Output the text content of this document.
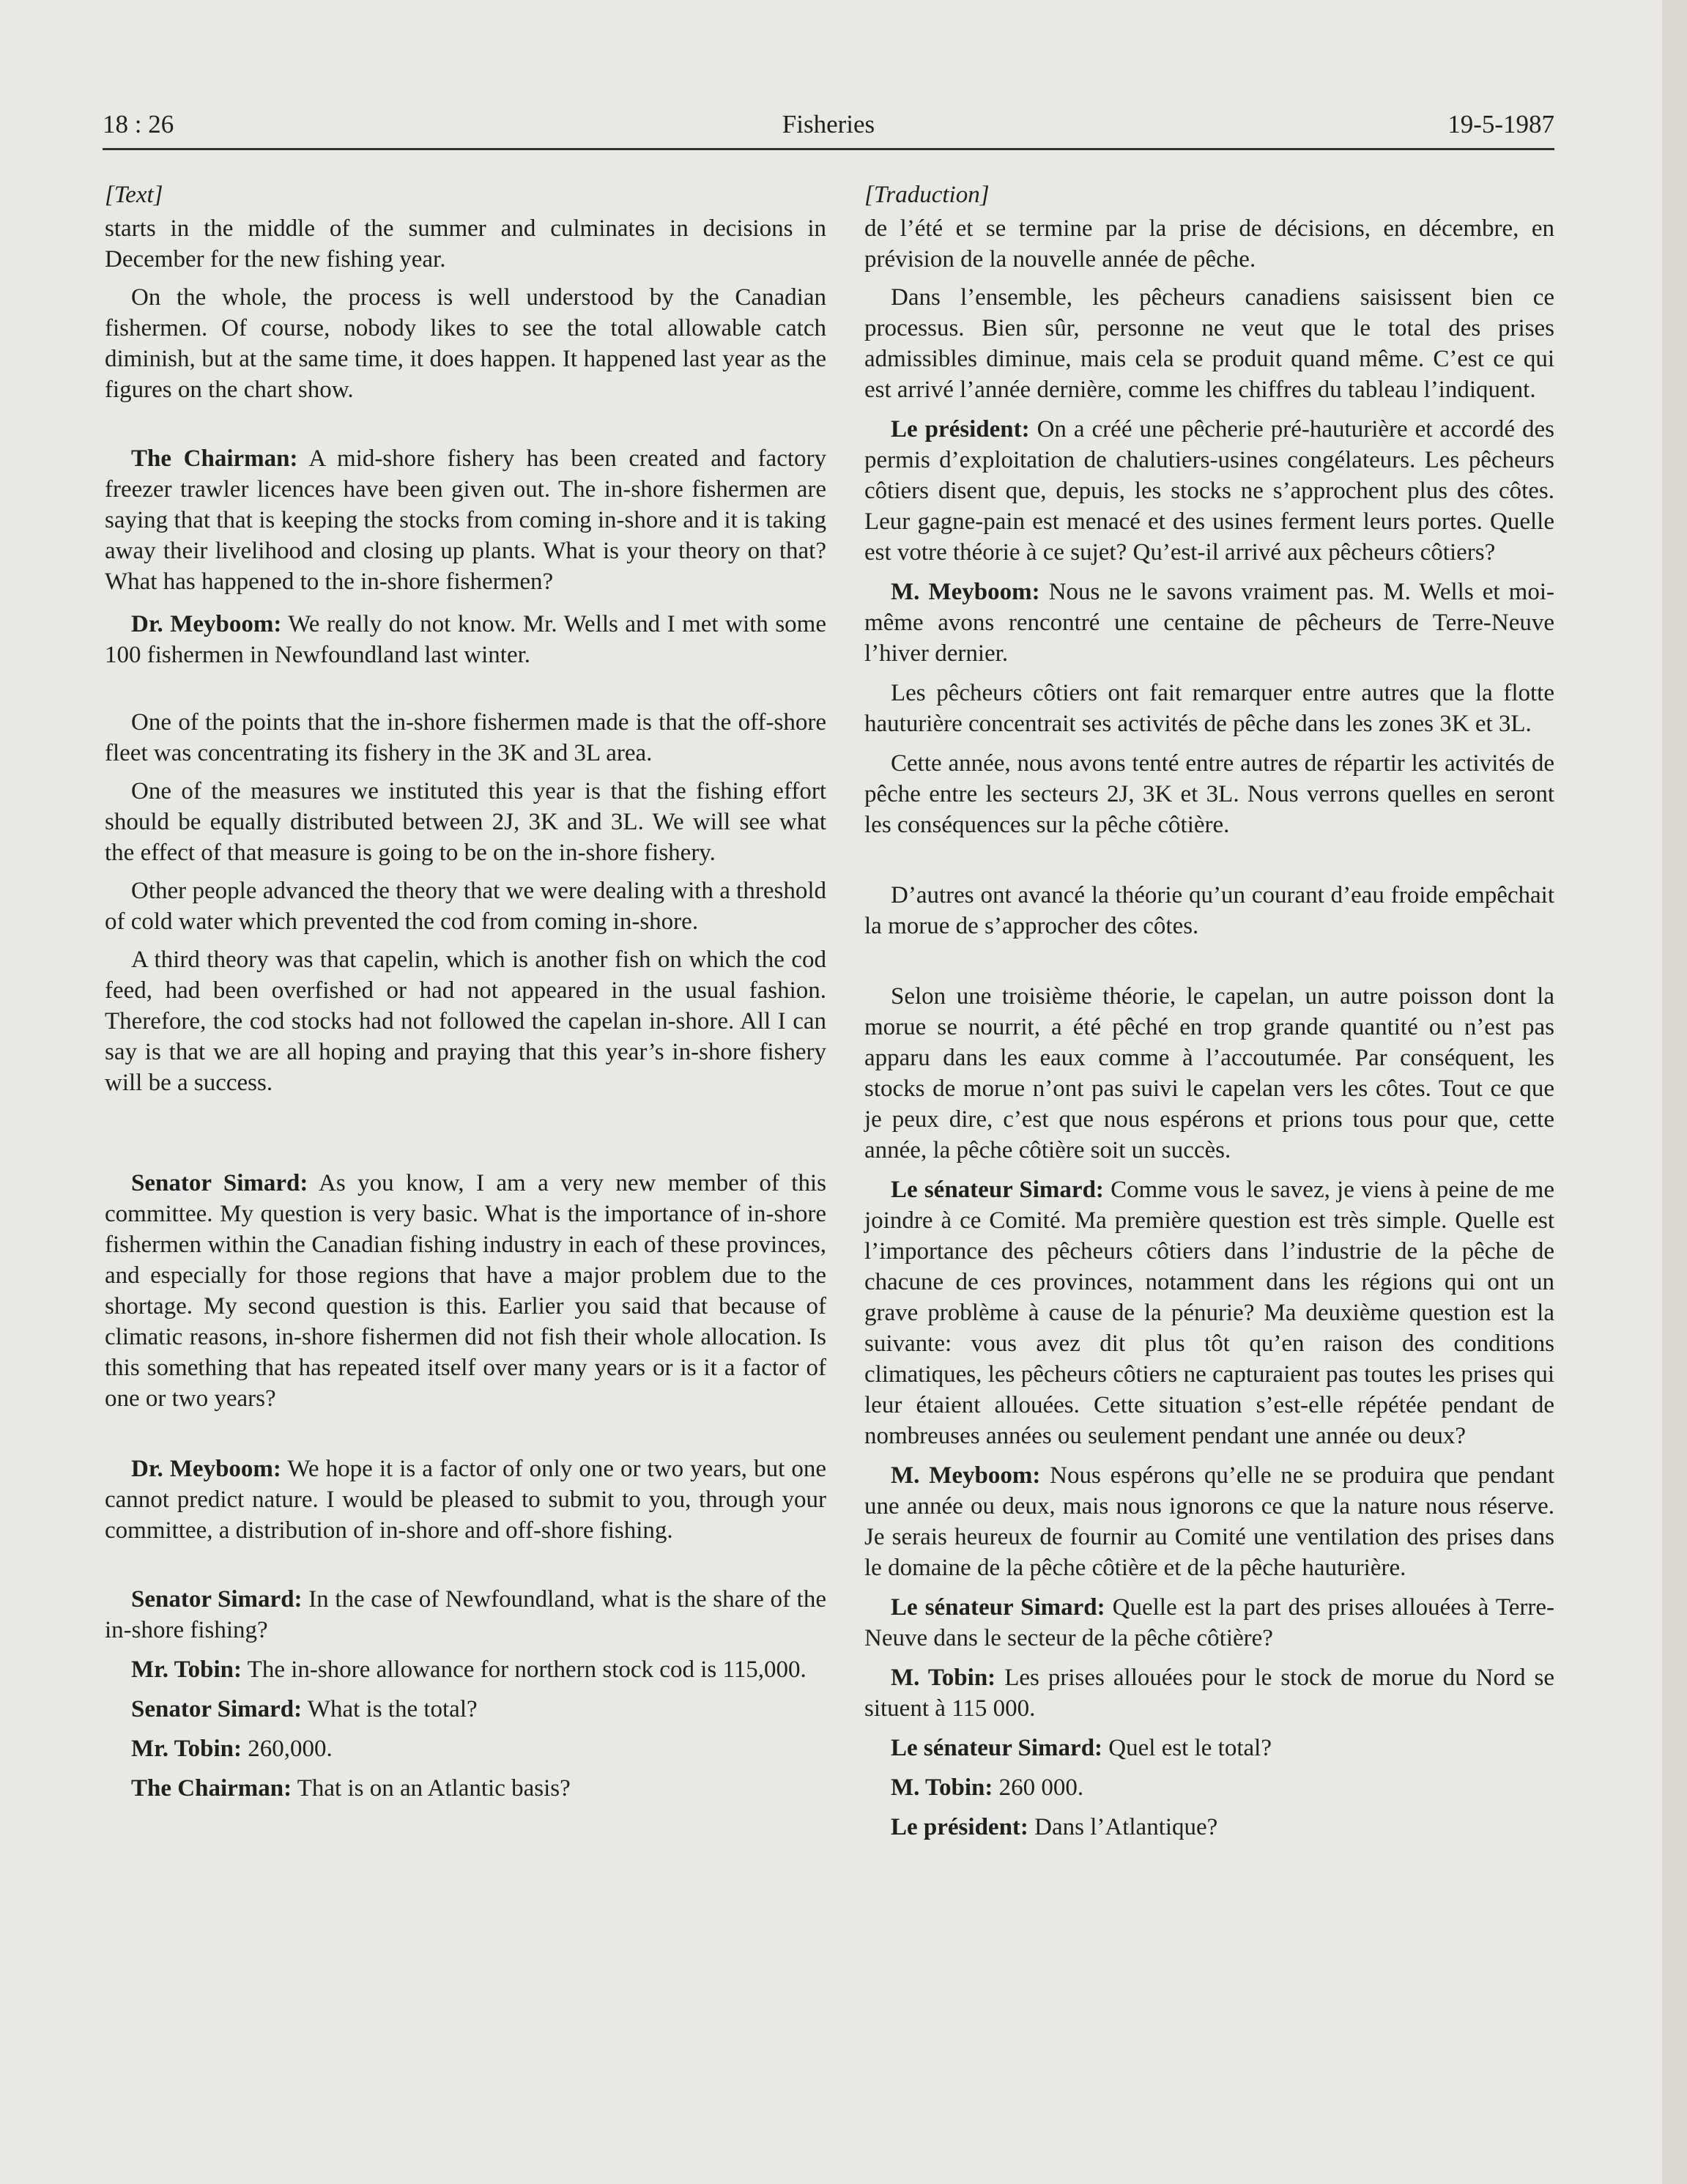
18 : 26	Fisheries	19-5-1987

[Text]

starts in the middle of the summer and culminates in decisions in December for the new fishing year.

On the whole, the process is well understood by the Canadian fishermen. Of course, nobody likes to see the total allowable catch diminish, but at the same time, it does happen. It happened last year as the figures on the chart show.

The Chairman: A mid-shore fishery has been created and factory freezer trawler licences have been given out. The in-shore fishermen are saying that that is keeping the stocks from coming in-shore and it is taking away their livelihood and closing up plants. What is your theory on that? What has happened to the in-shore fishermen?

Dr. Meyboom: We really do not know. Mr. Wells and I met with some 100 fishermen in Newfoundland last winter.

One of the points that the in-shore fishermen made is that the off-shore fleet was concentrating its fishery in the 3K and 3L area.

One of the measures we instituted this year is that the fishing effort should be equally distributed between 2J, 3K and 3L. We will see what the effect of that measure is going to be on the in-shore fishery.

Other people advanced the theory that we were dealing with a threshold of cold water which prevented the cod from coming in-shore.

A third theory was that capelin, which is another fish on which the cod feed, had been overfished or had not appeared in the usual fashion. Therefore, the cod stocks had not followed the capelan in-shore. All I can say is that we are all hoping and praying that this year’s in-shore fishery will be a success.

Senator Simard: As you know, I am a very new member of this committee. My question is very basic. What is the importance of in-shore fishermen within the Canadian fishing industry in each of these provinces, and especially for those regions that have a major problem due to the shortage. My second question is this. Earlier you said that because of climatic reasons, in-shore fishermen did not fish their whole allocation. Is this something that has repeated itself over many years or is it a factor of one or two years?

Dr. Meyboom: We hope it is a factor of only one or two years, but one cannot predict nature. I would be pleased to submit to you, through your committee, a distribution of in-shore and off-shore fishing.

Senator Simard: In the case of Newfoundland, what is the share of the in-shore fishing?

Mr. Tobin: The in-shore allowance for northern stock cod is 115,000.

Senator Simard: What is the total?

Mr. Tobin: 260,000.

The Chairman: That is on an Atlantic basis?

[Traduction]

de l’été et se termine par la prise de décisions, en décembre, en prévision de la nouvelle année de pêche.

Dans l’ensemble, les pêcheurs canadiens saisissent bien ce processus. Bien sûr, personne ne veut que le total des prises admissibles diminue, mais cela se produit quand même. C’est ce qui est arrivé l’année dernière, comme les chiffres du tableau l’indiquent.

Le président: On a créé une pêcherie pré-hauturière et accordé des permis d’exploitation de chalutiers-usines congélateurs. Les pêcheurs côtiers disent que, depuis, les stocks ne s’approchent plus des côtes. Leur gagne-pain est menacé et des usines ferment leurs portes. Quelle est votre théorie à ce sujet? Qu’est-il arrivé aux pêcheurs côtiers?

M. Meyboom: Nous ne le savons vraiment pas. M. Wells et moi-même avons rencontré une centaine de pêcheurs de Terre-Neuve l’hiver dernier.

Les pêcheurs côtiers ont fait remarquer entre autres que la flotte hauturière concentrait ses activités de pêche dans les zones 3K et 3L.

Cette année, nous avons tenté entre autres de répartir les activités de pêche entre les secteurs 2J, 3K et 3L. Nous verrons quelles en seront les conséquences sur la pêche côtière.

D’autres ont avancé la théorie qu’un courant d’eau froide empêchait la morue de s’approcher des côtes.

Selon une troisième théorie, le capelan, un autre poisson dont la morue se nourrit, a été pêché en trop grande quantité ou n’est pas apparu dans les eaux comme à l’accoutumée. Par conséquent, les stocks de morue n’ont pas suivi le capelan vers les côtes. Tout ce que je peux dire, c’est que nous espérons et prions tous pour que, cette année, la pêche côtière soit un succès.

Le sénateur Simard: Comme vous le savez, je viens à peine de me joindre à ce Comité. Ma première question est très simple. Quelle est l’importance des pêcheurs côtiers dans l’industrie de la pêche de chacune de ces provinces, notamment dans les régions qui ont un grave problème à cause de la pénurie? Ma deuxième question est la suivante: vous avez dit plus tôt qu’en raison des conditions climatiques, les pêcheurs côtiers ne capturaient pas toutes les prises qui leur étaient allouées. Cette situation s’est-elle répétée pendant de nombreuses années ou seulement pendant une année ou deux?

M. Meyboom: Nous espérons qu’elle ne se produira que pendant une année ou deux, mais nous ignorons ce que la nature nous réserve. Je serais heureux de fournir au Comité une ventilation des prises dans le domaine de la pêche côtière et de la pêche hauturière.

Le sénateur Simard: Quelle est la part des prises allouées à Terre-Neuve dans le secteur de la pêche côtière?

M. Tobin: Les prises allouées pour le stock de morue du Nord se situent à 115 000.

Le sénateur Simard: Quel est le total?

M. Tobin: 260 000.

Le président: Dans l’Atlantique?
